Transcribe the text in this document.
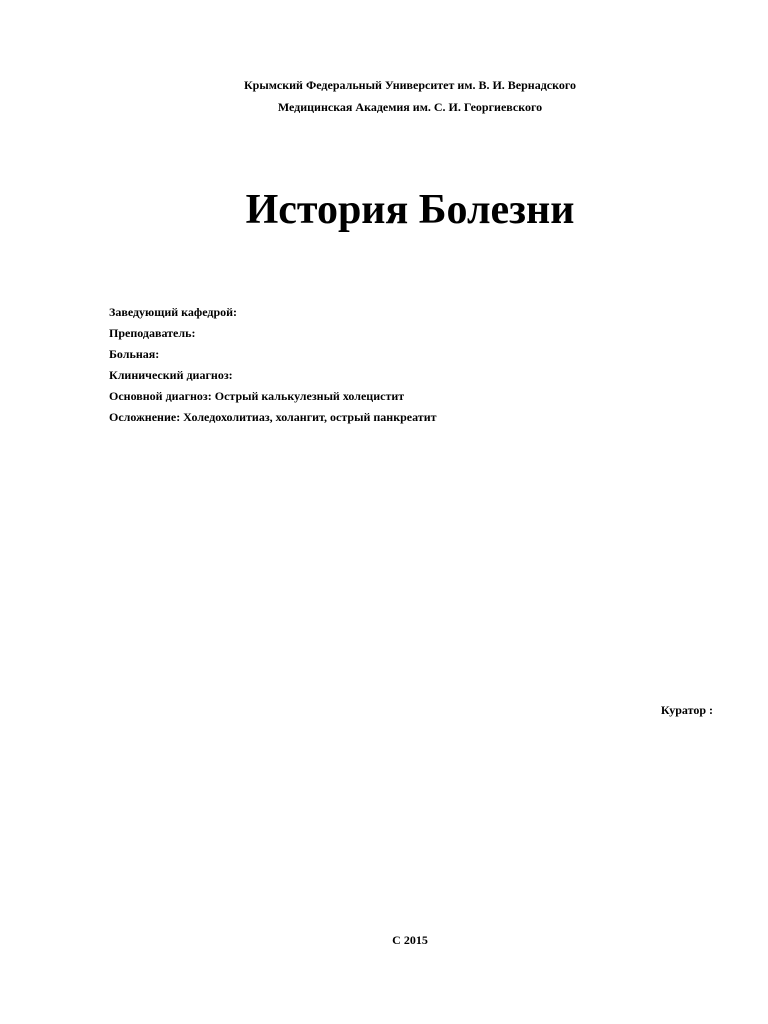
Крымский Федеральный Университет им. В. И. Вернадского
Медицинская Академия им. С. И. Георгиевского
История Болезни
Заведующий кафедрой:
Преподаватель:
Больная:
Клинический диагноз:
Основной диагноз: Острый калькулезный холецистит
Осложнение: Холедохолитиаз, холангит, острый панкреатит
Куратор :
С 2015
